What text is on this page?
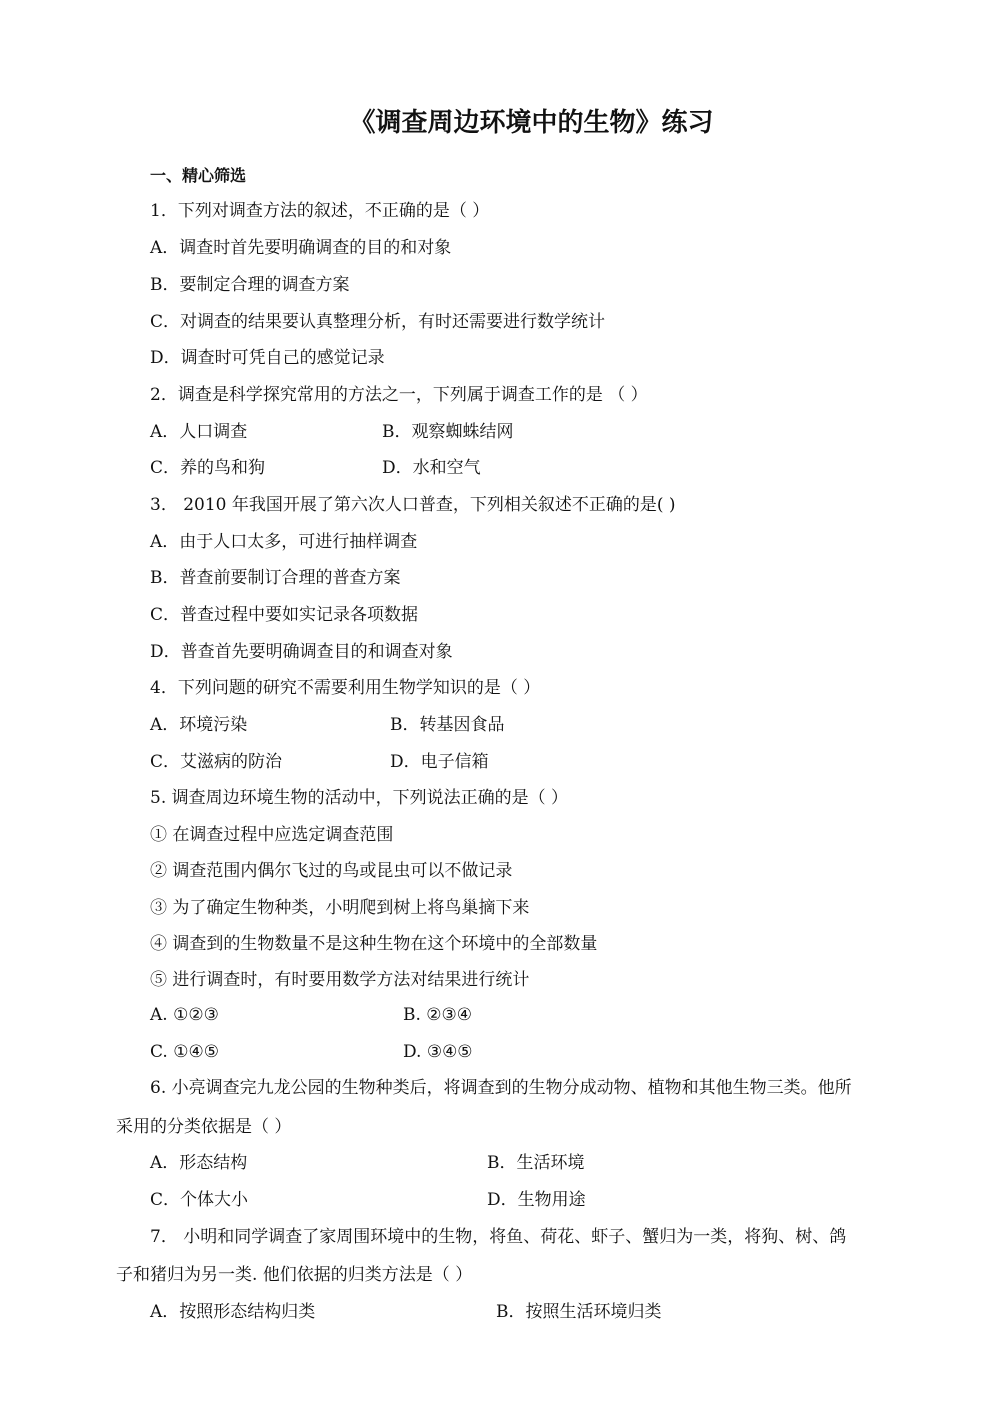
《调查周边环境中的生物》练习
一、精心筛选
1．下列对调查方法的叙述，不正确的是（ ）
A．调查时首先要明确调查的目的和对象
B．要制定合理的调查方案
C．对调查的结果要认真整理分析，有时还需要进行数学统计
D．调查时可凭自己的感觉记录
2．调查是科学探究常用的方法之一，下列属于调查工作的是 （ ）
A．人口调查	B．观察蜘蛛结网
C．养的鸟和狗	D．水和空气
3． 2010 年我国开展了第六次人口普查，下列相关叙述不正确的是( )
A．由于人口太多，可进行抽样调查
B．普查前要制订合理的普查方案
C．普查过程中要如实记录各项数据
D．普查首先要明确调查目的和调查对象
4．下列问题的研究不需要利用生物学知识的是（ ）
A．环境污染	B．转基因食品
C．艾滋病的防治	D．电子信箱
5. 调查周边环境生物的活动中，下列说法正确的是（ ）
① 在调查过程中应选定调查范围
② 调查范围内偶尔飞过的鸟或昆虫可以不做记录
③ 为了确定生物种类，小明爬到树上将鸟巢摘下来
④ 调查到的生物数量不是这种生物在这个环境中的全部数量
⑤ 进行调查时，有时要用数学方法对结果进行统计
A. ①②③	B. ②③④
C. ①④⑤	D. ③④⑤
6. 小亮调查完九龙公园的生物种类后，将调查到的生物分成动物、植物和其他生物三类。他所
采用的分类依据是（ ）
A．形态结构	B．生活环境
C．个体大小	D．生物用途
7． 小明和同学调查了家周围环境中的生物，将鱼、荷花、虾子、蟹归为一类，将狗、树、鸽
子和猪归为另一类. 他们依据的归类方法是（ ）
A．按照形态结构归类	B．按照生活环境归类
